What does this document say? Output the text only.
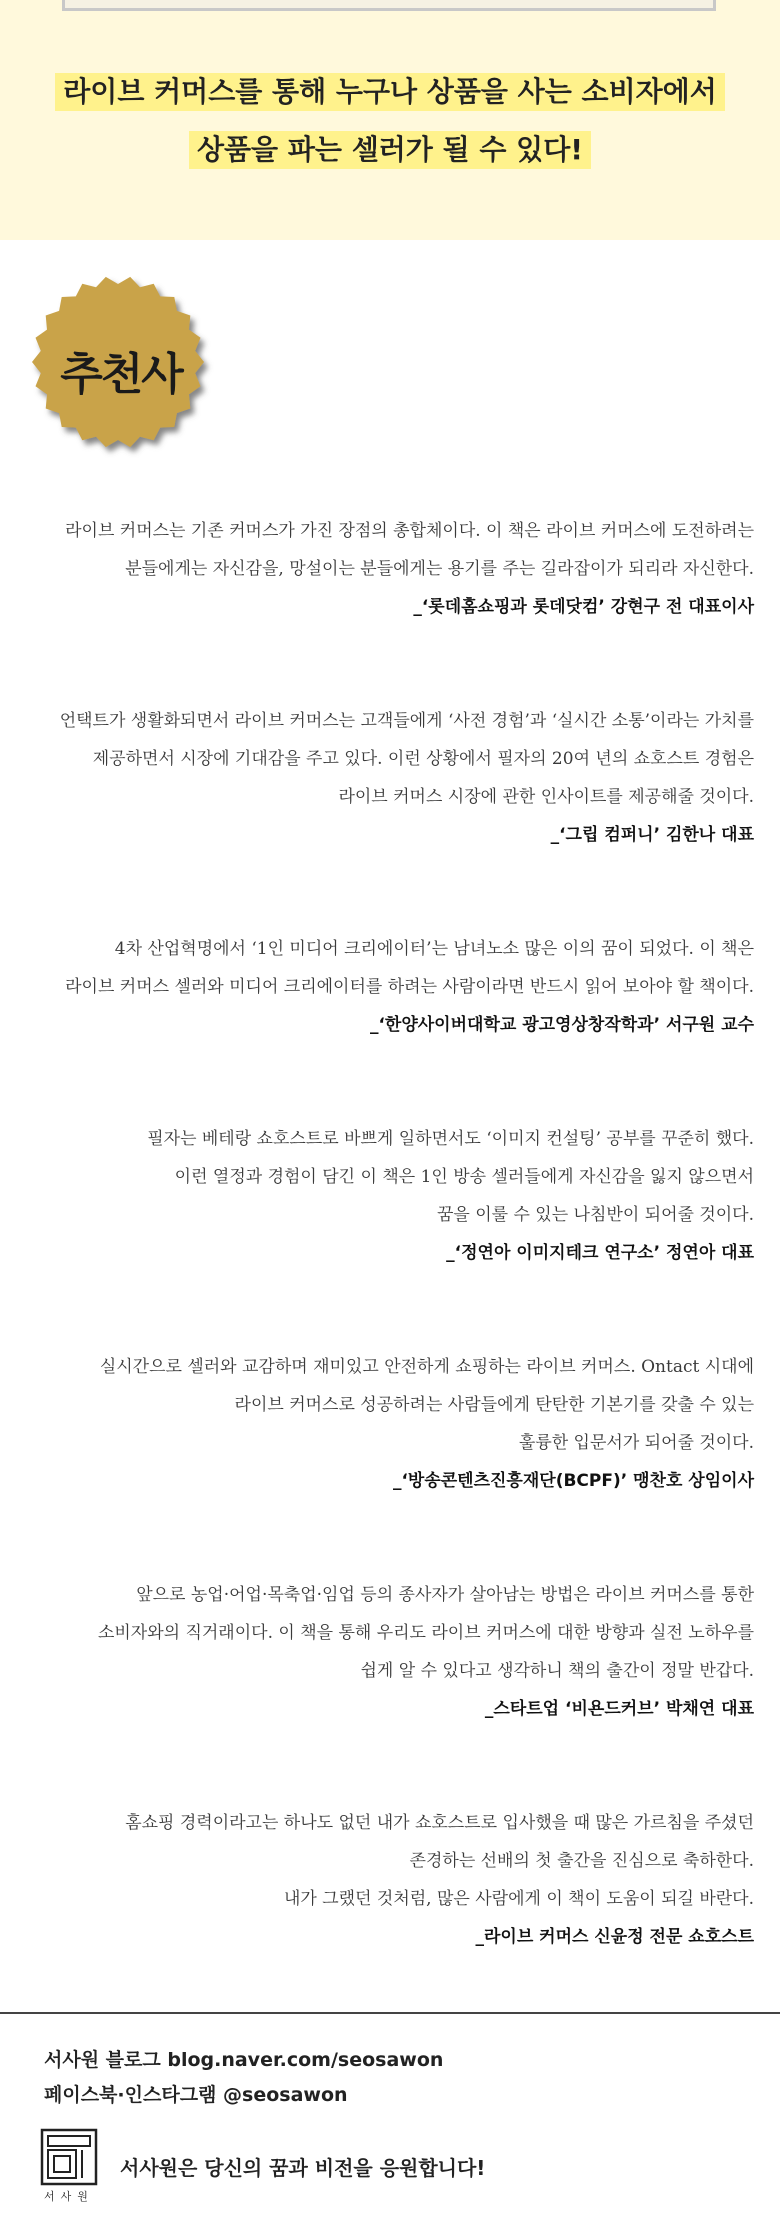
라이브 커머스를 통해 누구나 상품을 사는 소비자에서
상품을 파는 셀러가 될 수 있다!
추천사

라이브 커머스는 기존 커머스가 가진 장점의 총합체이다. 이 책은 라이브 커머스에 도전하려는

분들에게는 자신감을, 망설이는 분들에게는 용기를 주는 길라잡이가 되리라 자신한다.

_‘롯데홈쇼핑과 롯데닷컴’ 강현구 전 대표이사

언택트가 생활화되면서 라이브 커머스는 고객들에게 ‘사전 경험’과 ‘실시간 소통’이라는 가치를

제공하면서 시장에 기대감을 주고 있다. 이런 상황에서 필자의 20여 년의 쇼호스트 경험은

라이브 커머스 시장에 관한 인사이트를 제공해줄 것이다.

_‘그립 컴퍼니’ 김한나 대표

4차 산업혁명에서 ‘1인 미디어 크리에이터’는 남녀노소 많은 이의 꿈이 되었다. 이 책은

라이브 커머스 셀러와 미디어 크리에이터를 하려는 사람이라면 반드시 읽어 보아야 할 책이다.

_‘한양사이버대학교 광고영상창작학과’ 서구원 교수

필자는 베테랑 쇼호스트로 바쁘게 일하면서도 ‘이미지 컨설팅’ 공부를 꾸준히 했다.

이런 열정과 경험이 담긴 이 책은 1인 방송 셀러들에게 자신감을 잃지 않으면서

꿈을 이룰 수 있는 나침반이 되어줄 것이다.

_‘정연아 이미지테크 연구소’ 정연아 대표

실시간으로 셀러와 교감하며 재미있고 안전하게 쇼핑하는 라이브 커머스. Ontact 시대에

라이브 커머스로 성공하려는 사람들에게 탄탄한 기본기를 갖출 수 있는

훌륭한 입문서가 되어줄 것이다.

_‘방송콘텐츠진흥재단(BCPF)’ 맹찬호 상임이사

앞으로 농업·어업·목축업·임업 등의 종사자가 살아남는 방법은 라이브 커머스를 통한

소비자와의 직거래이다. 이 책을 통해 우리도 라이브 커머스에 대한 방향과 실전 노하우를

쉽게 알 수 있다고 생각하니 책의 출간이 정말 반갑다.

_스타트업 ‘비욘드커브’ 박채연 대표

홈쇼핑 경력이라고는 하나도 없던 내가 쇼호스트로 입사했을 때 많은 가르침을 주셨던

존경하는 선배의 첫 출간을 진심으로 축하한다.

내가 그랬던 것처럼, 많은 사람에게 이 책이 도움이 되길 바란다.

_라이브 커머스 신윤정 전문 쇼호스트

서사원 블로그 blog.naver.com/seosawon
페이스북·인스타그램 @seosawon
서사원
서사원은 당신의 꿈과 비전을 응원합니다!
